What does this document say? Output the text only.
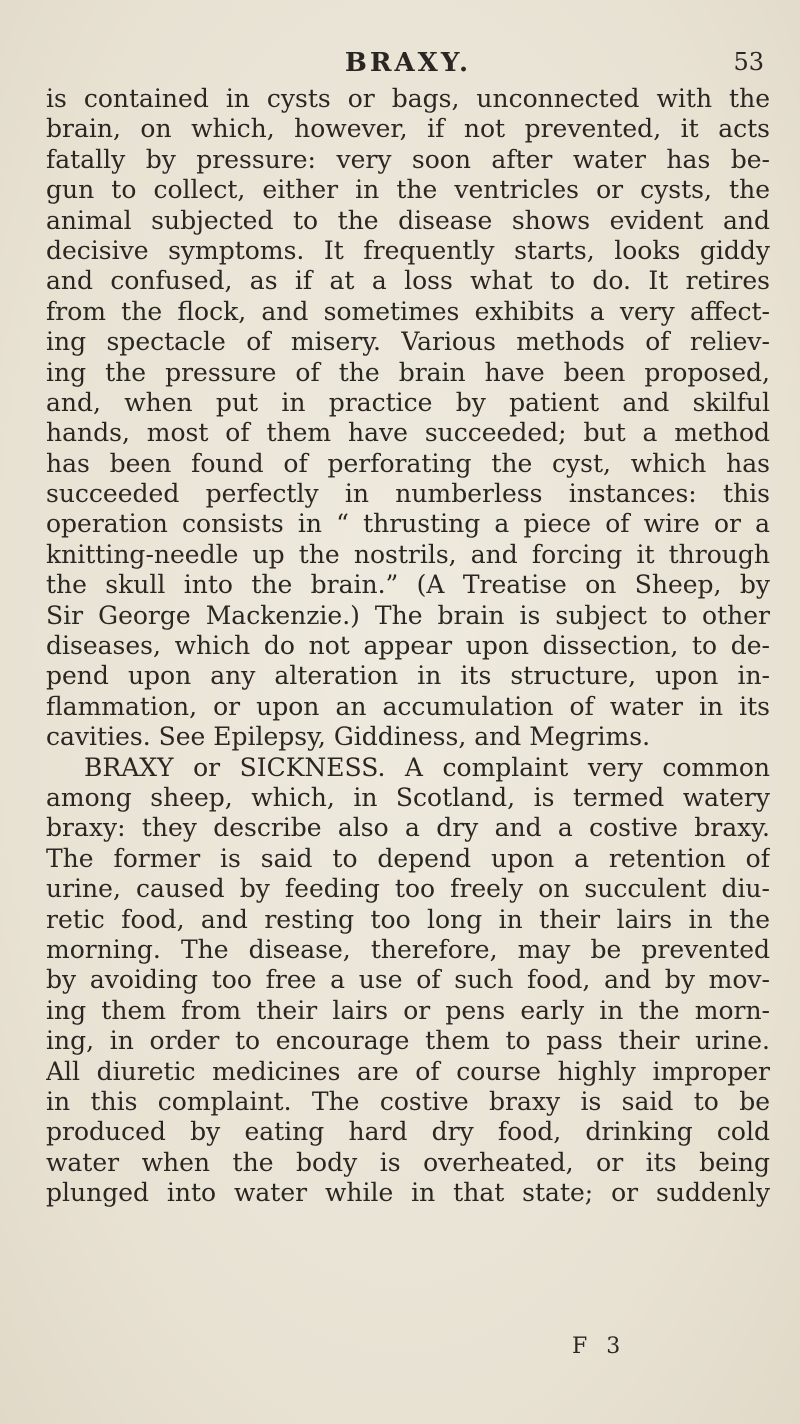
BRAXY.	53
is contained in cysts or bags, unconnected with the
brain, on which, however, if not prevented, it acts
fatally by pressure: very soon after water has be-
gun to collect, either in the ventricles or cysts, the
animal subjected to the disease shows evident and
decisive symptoms. It frequently starts, looks giddy
and confused, as if at a loss what to do. It retires
from the flock, and sometimes exhibits a very affect-
ing spectacle of misery. Various methods of reliev-
ing the pressure of the brain have been proposed,
and, when put in practice by patient and skilful
hands, most of them have succeeded; but a method
has been found of perforating the cyst, which has
succeeded perfectly in numberless instances: this
operation consists in “ thrusting a piece of wire or a
knitting-needle up the nostrils, and forcing it through
the skull into the brain.” (A Treatise on Sheep, by
Sir George Mackenzie.) The brain is subject to other
diseases, which do not appear upon dissection, to de-
pend upon any alteration in its structure, upon in-
flammation, or upon an accumulation of water in its
cavities. See Epilepsy, Giddiness, and Megrims.
BRAXY or SICKNESS. A complaint very common
among sheep, which, in Scotland, is termed watery
braxy: they describe also a dry and a costive braxy.
The former is said to depend upon a retention of
urine, caused by feeding too freely on succulent diu-
retic food, and resting too long in their lairs in the
morning. The disease, therefore, may be prevented
by avoiding too free a use of such food, and by mov-
ing them from their lairs or pens early in the morn-
ing, in order to encourage them to pass their urine.
All diuretic medicines are of course highly improper
in this complaint. The costive braxy is said to be
produced by eating hard dry food, drinking cold
water when the body is overheated, or its being
plunged into water while in that state; or suddenly
F 3
